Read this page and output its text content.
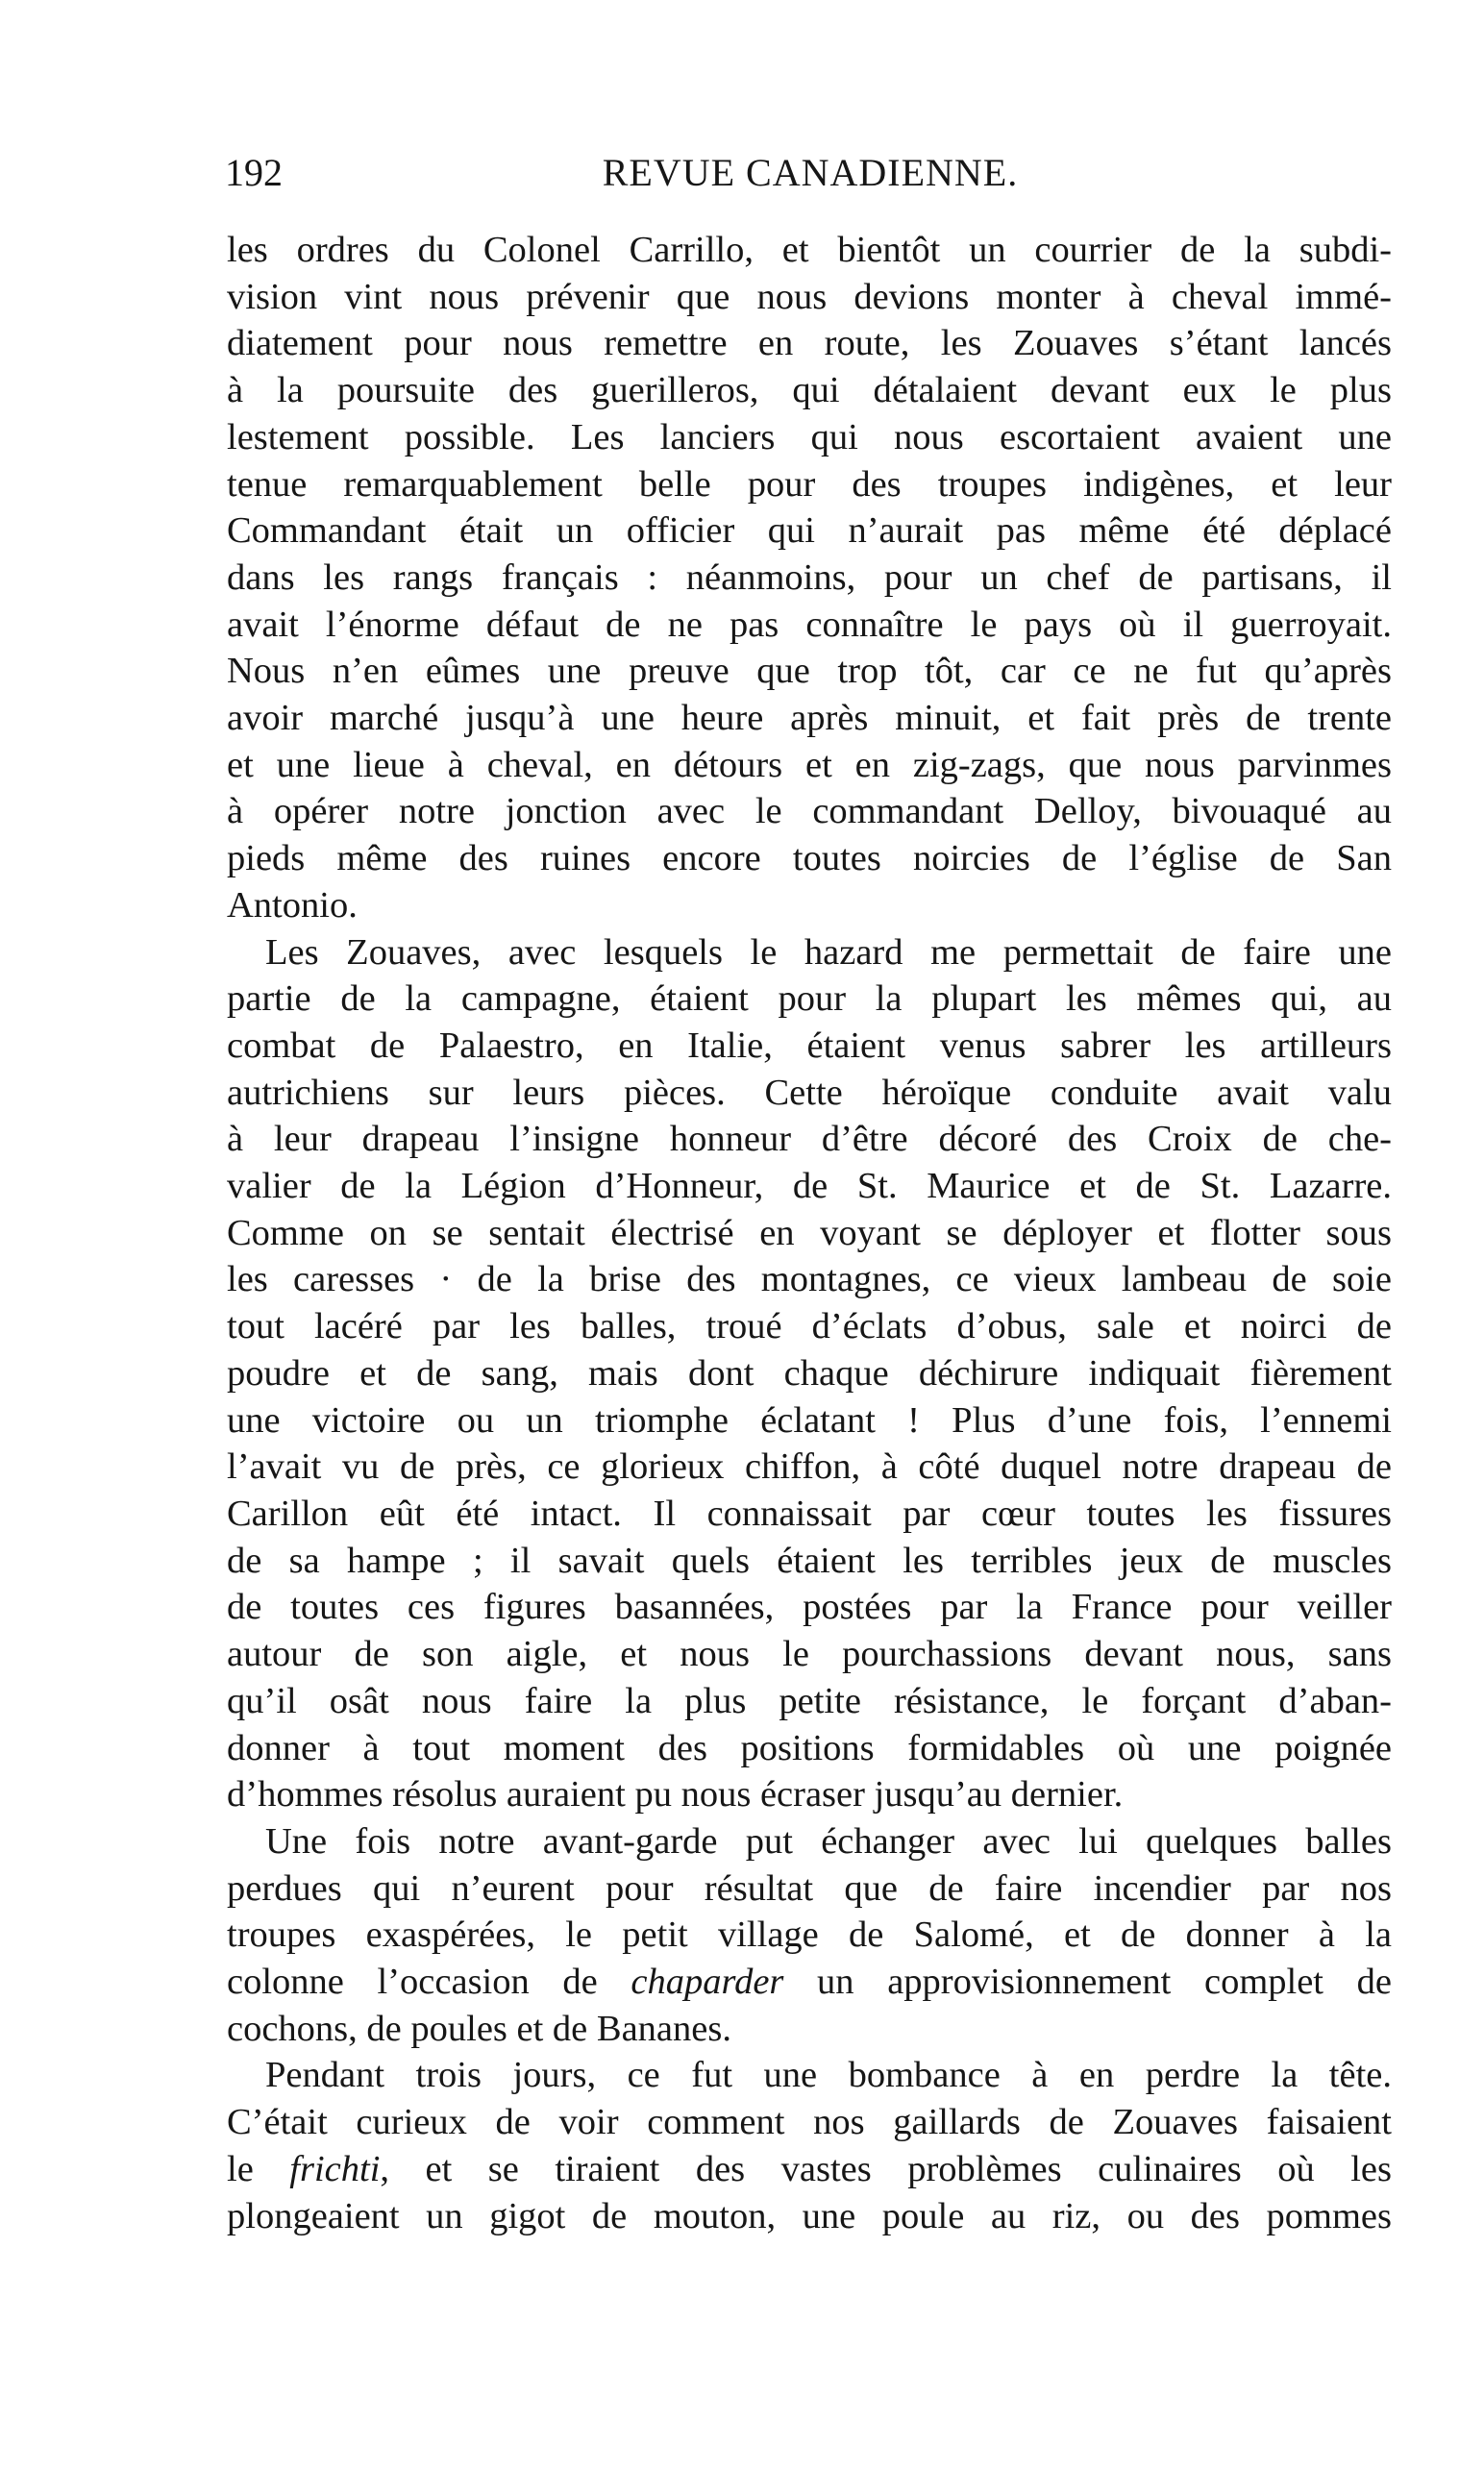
192	REVUE CANADIENNE.
les ordres du Colonel Carrillo, et bientôt un courrier de la subdi-
vision vint nous prévenir que nous devions monter à cheval immé-
diatement pour nous remettre en route, les Zouaves s’étant lancés
à la poursuite des guerilleros, qui détalaient devant eux le plus
lestement possible. Les lanciers qui nous escortaient avaient une
tenue remarquablement belle pour des troupes indigènes, et leur
Commandant était un officier qui n’aurait pas même été déplacé
dans les rangs français : néanmoins, pour un chef de partisans, il
avait l’énorme défaut de ne pas connaître le pays où il guerroyait.
Nous n’en eûmes une preuve que trop tôt, car ce ne fut qu’après
avoir marché jusqu’à une heure après minuit, et fait près de trente
et une lieue à cheval, en détours et en zig-zags, que nous parvinmes
à opérer notre jonction avec le commandant Delloy, bivouaqué au
pieds même des ruines encore toutes noircies de l’église de San
Antonio.
Les Zouaves, avec lesquels le hazard me permettait de faire une
partie de la campagne, étaient pour la plupart les mêmes qui, au
combat de Palaestro, en Italie, étaient venus sabrer les artilleurs
autrichiens sur leurs pièces. Cette héroïque conduite avait valu
à leur drapeau l’insigne honneur d’être décoré des Croix de che-
valier de la Légion d’Honneur, de St. Maurice et de St. Lazarre.
Comme on se sentait électrisé en voyant se déployer et flotter sous
les caresses · de la brise des montagnes, ce vieux lambeau de soie
tout lacéré par les balles, troué d’éclats d’obus, sale et noirci de
poudre et de sang, mais dont chaque déchirure indiquait fièrement
une victoire ou un triomphe éclatant ! Plus d’une fois, l’ennemi
l’avait vu de près, ce glorieux chiffon, à côté duquel notre drapeau de
Carillon eût été intact. Il connaissait par cœur toutes les fissures
de sa hampe ; il savait quels étaient les terribles jeux de muscles
de toutes ces figures basannées, postées par la France pour veiller
autour de son aigle, et nous le pourchassions devant nous, sans
qu’il osât nous faire la plus petite résistance, le forçant d’aban-
donner à tout moment des positions formidables où une poignée
d’hommes résolus auraient pu nous écraser jusqu’au dernier.
Une fois notre avant-garde put échanger avec lui quelques balles
perdues qui n’eurent pour résultat que de faire incendier par nos
troupes exaspérées, le petit village de Salomé, et de donner à la
colonne l’occasion de chaparder un approvisionnement complet de
cochons, de poules et de Bananes.
Pendant trois jours, ce fut une bombance à en perdre la tête.
C’était curieux de voir comment nos gaillards de Zouaves faisaient
le frichti, et se tiraient des vastes problèmes culinaires où les
plongeaient un gigot de mouton, une poule au riz, ou des pommes
